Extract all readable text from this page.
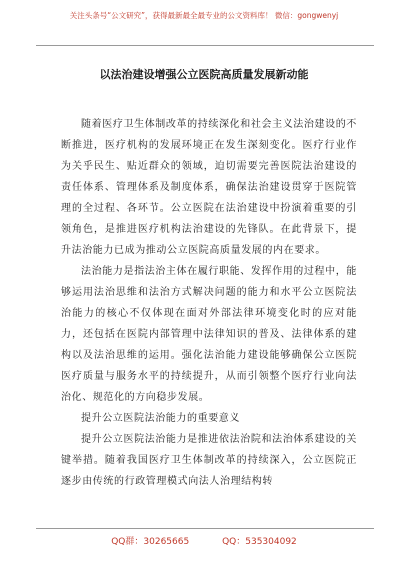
关注头条号“公文研究”，获得最新最全最专业的公文资料库！ 微信：gongwenyj
以法治建设增强公立医院高质量发展新动能

随着医疗卫生体制改革的持续深化和社会主义法治建设的不断推进，医疗机构的发展环境正在发生深刻变化。医疗行业作为关乎民生、贴近群众的领域，迫切需要完善医院法治建设的责任体系、管理体系及制度体系，确保法治建设贯穿于医院管理的全过程、各环节。公立医院在法治建设中扮演着重要的引领角色，是推进医疗机构法治建设的先锋队。在此背景下，提升法治能力已成为推动公立医院高质量发展的内在要求。

法治能力是指法治主体在履行职能、发挥作用的过程中，能够运用法治思维和法治方式解决问题的能力和水平公立医院法治能力的核心不仅体现在面对外部法律环境变化时的应对能力，还包括在医院内部管理中法律知识的普及、法律体系的建构以及法治思维的运用。强化法治能力建设能够确保公立医院医疗质量与服务水平的持续提升，从而引领整个医疗行业向法治化、规范化的方向稳步发展。

提升公立医院法治能力的重要意义

提升公立医院法治能力是推进依法治院和法治体系建设的关键举措。随着我国医疗卫生体制改革的持续深入，公立医院正逐步由传统的行政管理模式向法人治理结构转

QQ群：30265665	QQ：535304092
